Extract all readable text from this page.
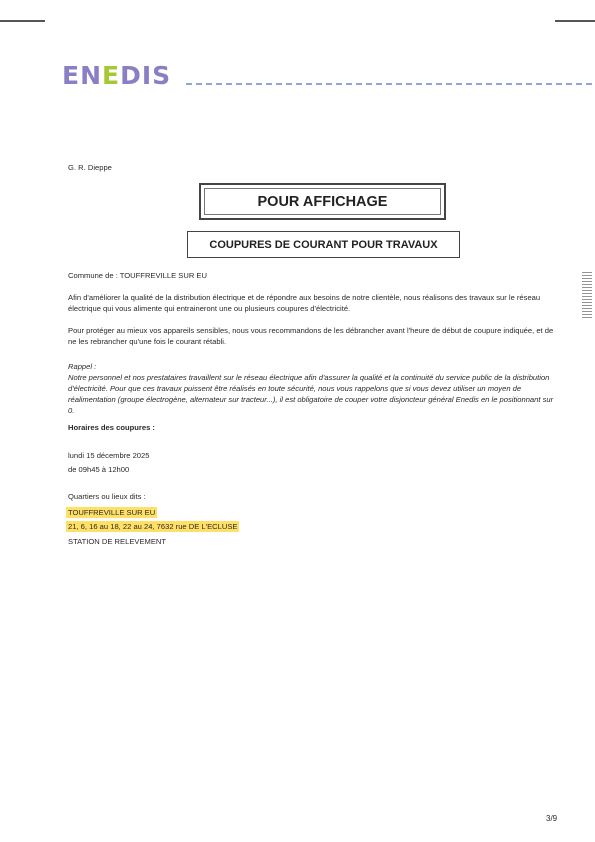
ENEDIS
G. R. Dieppe
POUR AFFICHAGE
COUPURES DE COURANT POUR TRAVAUX
Commune de : TOUFFREVILLE SUR EU
Afin d'améliorer la qualité de la distribution électrique et de répondre aux besoins de notre clientèle, nous réalisons des travaux sur le réseau électrique qui vous alimente qui entraineront une ou plusieurs coupures d'électricité.
Pour protéger au mieux vos appareils sensibles, nous vous recommandons de les débrancher avant l'heure de début de coupure indiquée, et de ne les rebrancher qu'une fois le courant rétabli.
Rappel :
Notre personnel et nos prestataires travaillent sur le réseau électrique afin d'assurer la qualité et la continuité du service public de la distribution d'électricité. Pour que ces travaux puissent être réalisés en toute sécurité, nous vous rappelons que si vous devez utiliser un moyen de réalimentation (groupe électrogène, alternateur sur tracteur...), il est obligatoire de couper votre disjoncteur général Enedis en le positionnant sur 0.
Horaires des coupures :
lundi 15 décembre 2025
de 09h45 à 12h00
Quartiers ou lieux dits :
TOUFFREVILLE SUR EU
21, 6, 16 au 18, 22 au 24, 7632 rue DE L'ECLUSE
STATION DE RELEVEMENT
3/9
